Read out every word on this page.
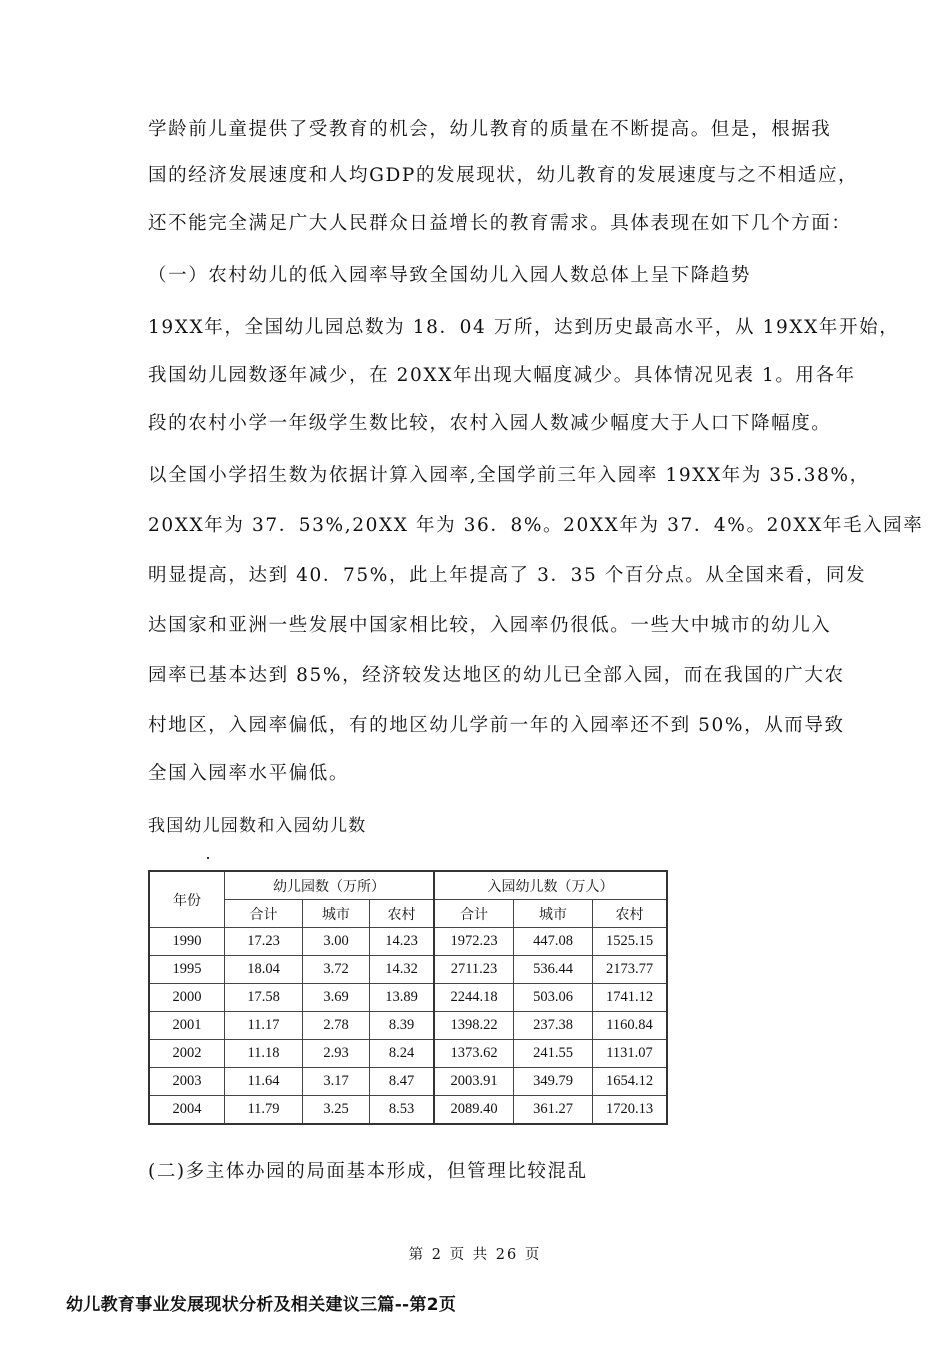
学龄前儿童提供了受教育的机会，幼儿教育的质量在不断提高。但是，根据我
国的经济发展速度和人均GDP的发展现状，幼儿教育的发展速度与之不相适应，
还不能完全满足广大人民群众日益增长的教育需求。具体表现在如下几个方面：
（一）农村幼儿的低入园率导致全国幼儿入园人数总体上呈下降趋势
19XX年，全国幼儿园总数为 18．04 万所，达到历史最高水平，从 19XX年开始，
我国幼儿园数逐年减少，在 20XX年出现大幅度减少。具体情况见表 1。用各年
段的农村小学一年级学生数比较，农村入园人数减少幅度大于人口下降幅度。
以全国小学招生数为依据计算入园率,全国学前三年入园率 19XX年为 35.38%，
20XX年为 37．53%,20XX 年为 36．8%。20XX年为 37．4%。20XX年毛入园率
明显提高，达到 40．75%，此上年提高了 3．35 个百分点。从全国来看，同发
达国家和亚洲一些发展中国家相比较，入园率仍很低。一些大中城市的幼儿入
园率已基本达到 85%，经济较发达地区的幼儿已全部入园，而在我国的广大农
村地区，入园率偏低，有的地区幼儿学前一年的入园率还不到 50%，从而导致
全国入园率水平偏低。
我国幼儿园数和入园幼儿数
年份	幼儿园数（万所）			入园幼儿数（万人）		
	合计	城市	农村	合计	城市	农村
1990	17.23	3.00	14.23	1972.23	447.08	1525.15
1995	18.04	3.72	14.32	2711.23	536.44	2173.77
2000	17.58	3.69	13.89	2244.18	503.06	1741.12
2001	11.17	2.78	8.39	1398.22	237.38	1160.84
2002	11.18	2.93	8.24	1373.62	241.55	1131.07
2003	11.64	3.17	8.47	2003.91	349.79	1654.12
2004	11.79	3.25	8.53	2089.40	361.27	1720.13
(二)多主体办园的局面基本形成，但管理比较混乱
第 2 页 共 26 页
幼儿教育事业发展现状分析及相关建议三篇--第2页
